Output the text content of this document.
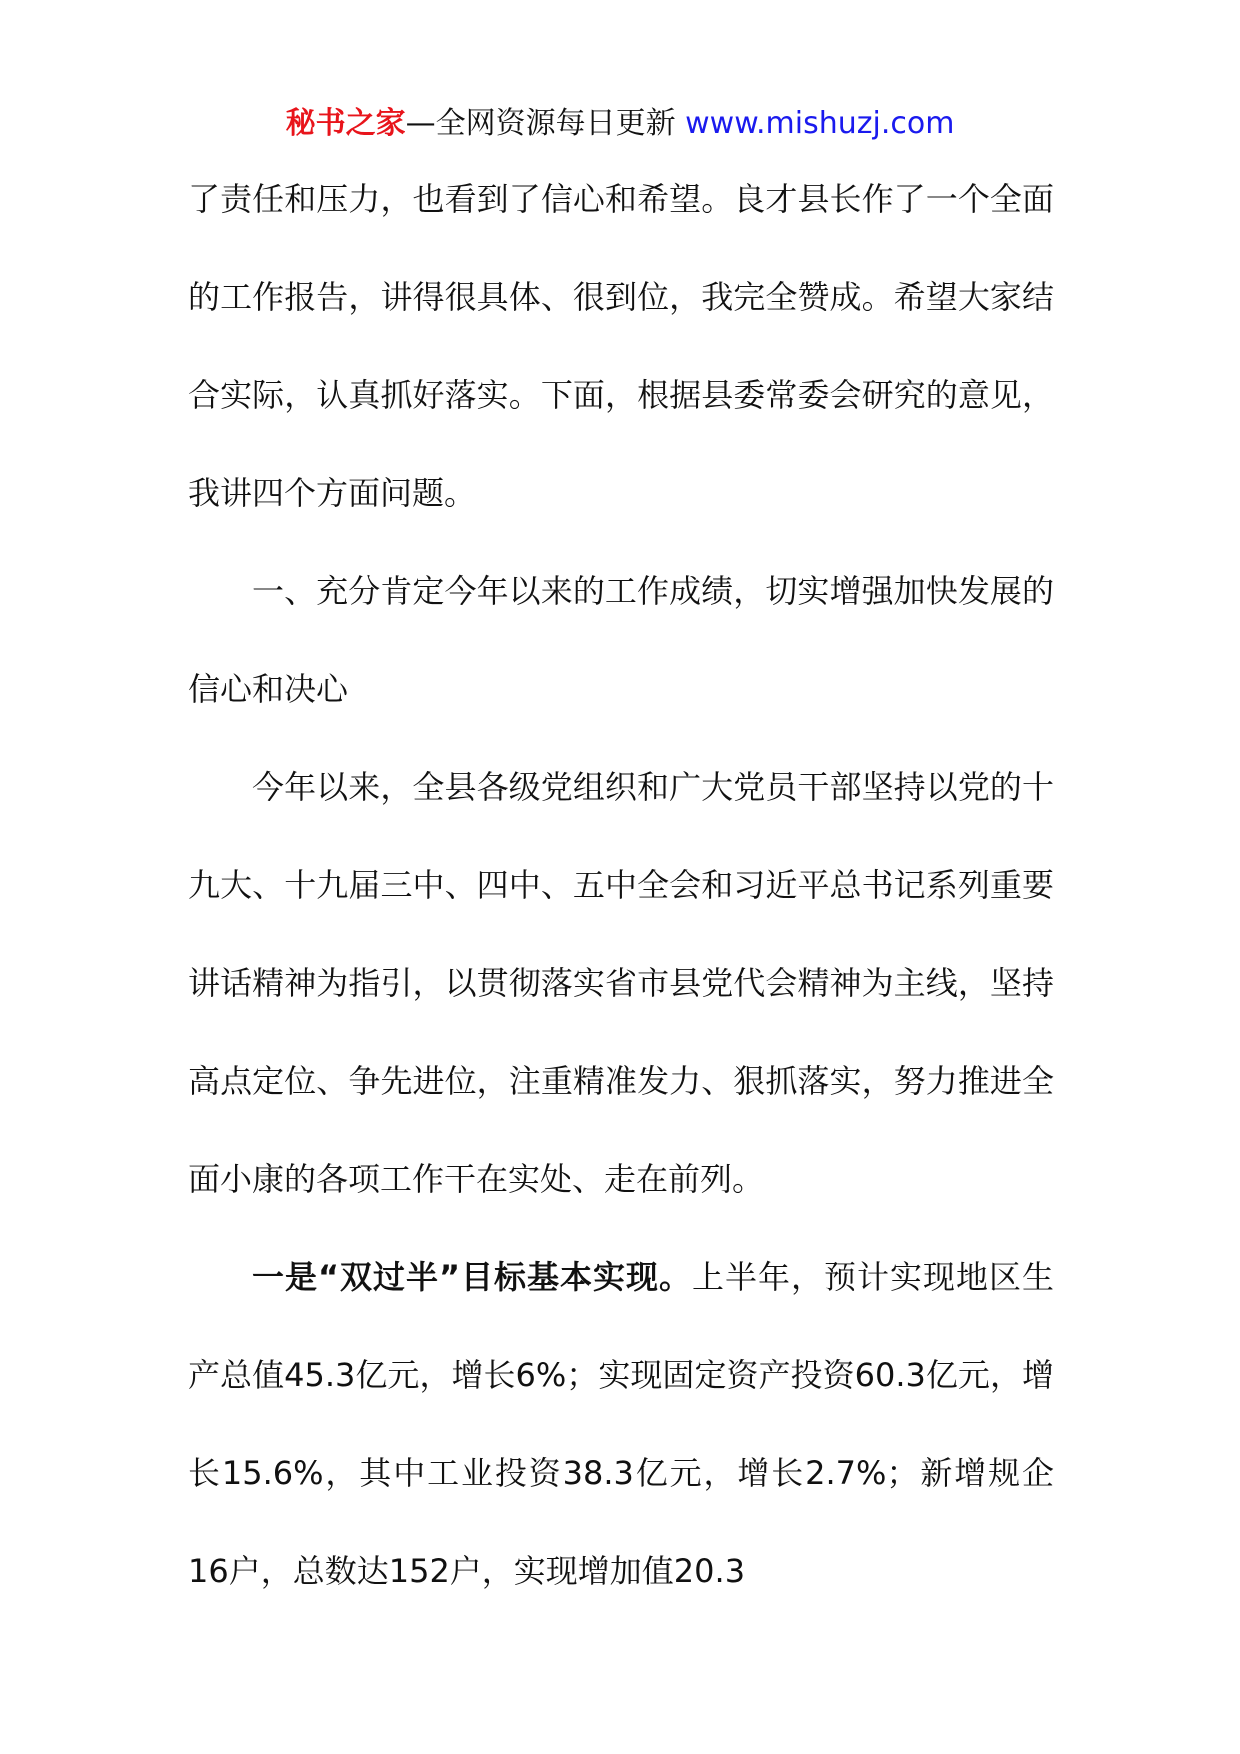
秘书之家—全网资源每日更新 www.mishuzj.com

了责任和压力，也看到了信心和希望。良才县长作了一个全面的工作报告，讲得很具体、很到位，我完全赞成。希望大家结合实际，认真抓好落实。下面，根据县委常委会研究的意见，我讲四个方面问题。

一、充分肯定今年以来的工作成绩，切实增强加快发展的信心和决心

今年以来，全县各级党组织和广大党员干部坚持以党的十九大、十九届三中、四中、五中全会和习近平总书记系列重要讲话精神为指引，以贯彻落实省市县党代会精神为主线，坚持高点定位、争先进位，注重精准发力、狠抓落实，努力推进全面小康的各项工作干在实处、走在前列。

一是“双过半”目标基本实现。上半年，预计实现地区生产总值45.3亿元，增长6%；实现固定资产投资60.3亿元，增长15.6%，其中工业投资38.3亿元，增长2.7%；新增规企16户，总数达152户，实现增加值20.3
